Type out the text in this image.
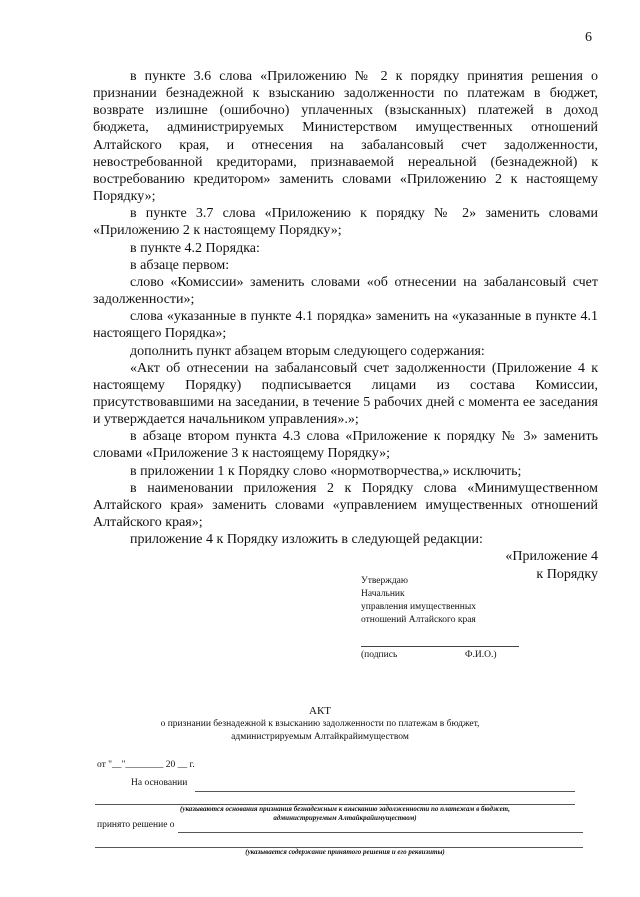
6

в пункте 3.6 слова «Приложению № 2 к порядку принятия решения о признании безнадежной к взысканию задолженности по платежам в бюджет, возврате излишне (ошибочно) уплаченных (взысканных) платежей в доход бюджета, администрируемых Министерством имущественных отношений Алтайского края, и отнесения на забалансовый счет задолженности, невостребованной кредиторами, признаваемой нереальной (безнадежной) к востребованию кредитором» заменить словами «Приложению 2 к настоящему Порядку»;

в пункте 3.7 слова «Приложению к порядку № 2» заменить словами «Приложению 2 к настоящему Порядку»;

в пункте 4.2 Порядка:

в абзаце первом:

слово «Комиссии» заменить словами «об отнесении на забалансовый счет задолженности»;

слова «указанные в пункте 4.1 порядка» заменить на «указанные в пункте 4.1 настоящего Порядка»;

дополнить пункт абзацем вторым следующего содержания:

«Акт об отнесении на забалансовый счет задолженности (Приложение 4 к настоящему Порядку) подписывается лицами из состава Комиссии, присутствовавшими на заседании, в течение 5 рабочих дней с момента ее заседания и утверждается начальником управления».»;

в абзаце втором пункта 4.3 слова «Приложение к порядку № 3» заменить словами «Приложение 3 к настоящему Порядку»;

в приложении 1 к Порядку слово «нормотворчества,» исключить;

в наименовании приложения 2 к Порядку слова «Минимущественном Алтайского края» заменить словами «управлением имущественных отношений Алтайского края»;

приложение 4 к Порядку изложить в следующей редакции:

«Приложение 4

к Порядку

Утверждаю
Начальник
управления имущественных
отношений Алтайского края
(подпись	Ф.И.О.)
АКТ
о признании безнадежной к взысканию задолженности по платежам в бюджет,
администрируемым Алтайкрайимуществом
от "__"________ 20 __ г.
На основании
(указываются основания признания безнадежным к взысканию задолженности по платежам в бюджет,
администрируемым Алтайкрайимуществом)
принято решение о
(указывается содержание принятого решения и его реквизиты)
